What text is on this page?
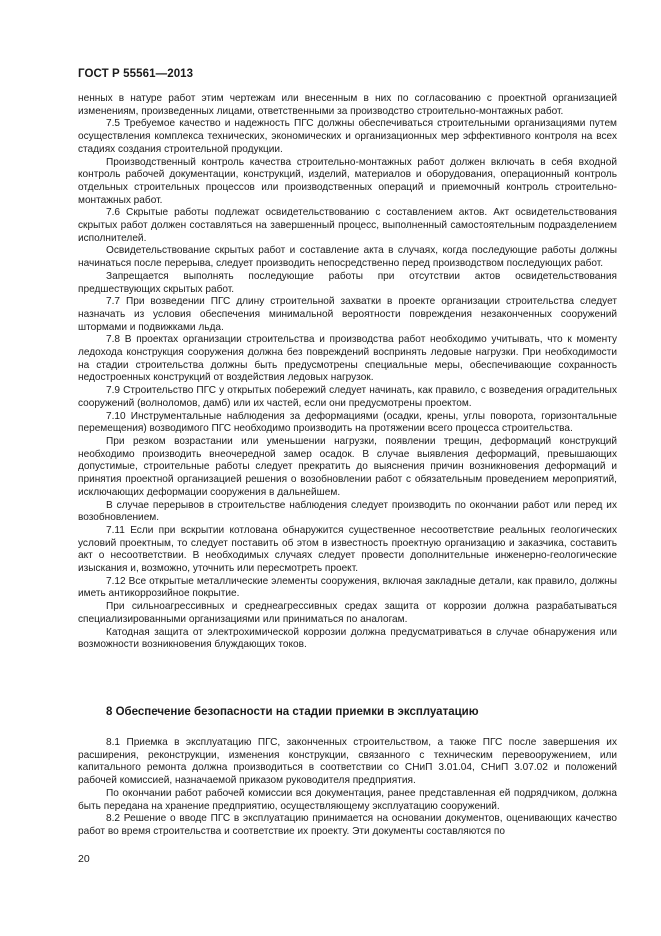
ГОСТ Р 55561—2013

ненных в натуре работ этим чертежам или внесенным в них по согласованию с проектной организацией изменениям, произведенных лицами, ответственными за производство строительно-монтажных работ.

7.5 Требуемое качество и надежность ПГС должны обеспечиваться строительными организациями путем осуществления комплекса технических, экономических и организационных мер эффективного контроля на всех стадиях создания строительной продукции.

Производственный контроль качества строительно-монтажных работ должен включать в себя входной контроль рабочей документации, конструкций, изделий, материалов и оборудования, операционный контроль отдельных строительных процессов или производственных операций и приемочный контроль строительно-монтажных работ.

7.6 Скрытые работы подлежат освидетельствованию с составлением актов. Акт освидетельствования скрытых работ должен составляться на завершенный процесс, выполненный самостоятельным подразделением исполнителей.

Освидетельствование скрытых работ и составление акта в случаях, когда последующие работы должны начинаться после перерыва, следует производить непосредственно перед производством последующих работ.

Запрещается выполнять последующие работы при отсутствии актов освидетельствования предшествующих скрытых работ.

7.7 При возведении ПГС длину строительной захватки в проекте организации строительства следует назначать из условия обеспечения минимальной вероятности повреждения незаконченных сооружений штормами и подвижками льда.

7.8 В проектах организации строительства и производства работ необходимо учитывать, что к моменту ледохода конструкция сооружения должна без повреждений воспринять ледовые нагрузки. При необходимости на стадии строительства должны быть предусмотрены специальные меры, обеспечивающие сохранность недостроенных конструкций от воздействия ледовых нагрузок.

7.9 Строительство ПГС у открытых побережий следует начинать, как правило, с возведения оградительных сооружений (волноломов, дамб) или их частей, если они предусмотрены проектом.

7.10 Инструментальные наблюдения за деформациями (осадки, крены, углы поворота, горизонтальные перемещения) возводимого ПГС необходимо производить на протяжении всего процесса строительства.

При резком возрастании или уменьшении нагрузки, появлении трещин, деформаций конструкций необходимо производить внеочередной замер осадок. В случае выявления деформаций, превышающих допустимые, строительные работы следует прекратить до выяснения причин возникновения деформаций и принятия проектной организацией решения о возобновлении работ с обязательным проведением мероприятий, исключающих деформации сооружения в дальнейшем.

В случае перерывов в строительстве наблюдения следует производить по окончании работ или перед их возобновлением.

7.11 Если при вскрытии котлована обнаружится существенное несоответствие реальных геологических условий проектным, то следует поставить об этом в известность проектную организацию и заказчика, составить акт о несоответствии. В необходимых случаях следует провести дополнительные инженерно-геологические изыскания и, возможно, уточнить или пересмотреть проект.

7.12 Все открытые металлические элементы сооружения, включая закладные детали, как правило, должны иметь антикоррозийное покрытие.

При сильноагрессивных и среднеагрессивных средах защита от коррозии должна разрабатываться специализированными организациями или приниматься по аналогам.

Катодная защита от электрохимической коррозии должна предусматриваться в случае обнаружения или возможности возникновения блуждающих токов.

8 Обеспечение безопасности на стадии приемки в эксплуатацию

8.1 Приемка в эксплуатацию ПГС, законченных строительством, а также ПГС после завершения их расширения, реконструкции, изменения конструкции, связанного с техническим перевооружением, или капитального ремонта должна производиться в соответствии со СНиП 3.01.04, СНиП 3.07.02 и положений рабочей комиссией, назначаемой приказом руководителя предприятия.

По окончании работ рабочей комиссии вся документация, ранее представленная ей подрядчиком, должна быть передана на хранение предприятию, осуществляющему эксплуатацию сооружений.

8.2 Решение о вводе ПГС в эксплуатацию принимается на основании документов, оценивающих качество работ во время строительства и соответствие их проекту. Эти документы составляются по

20
